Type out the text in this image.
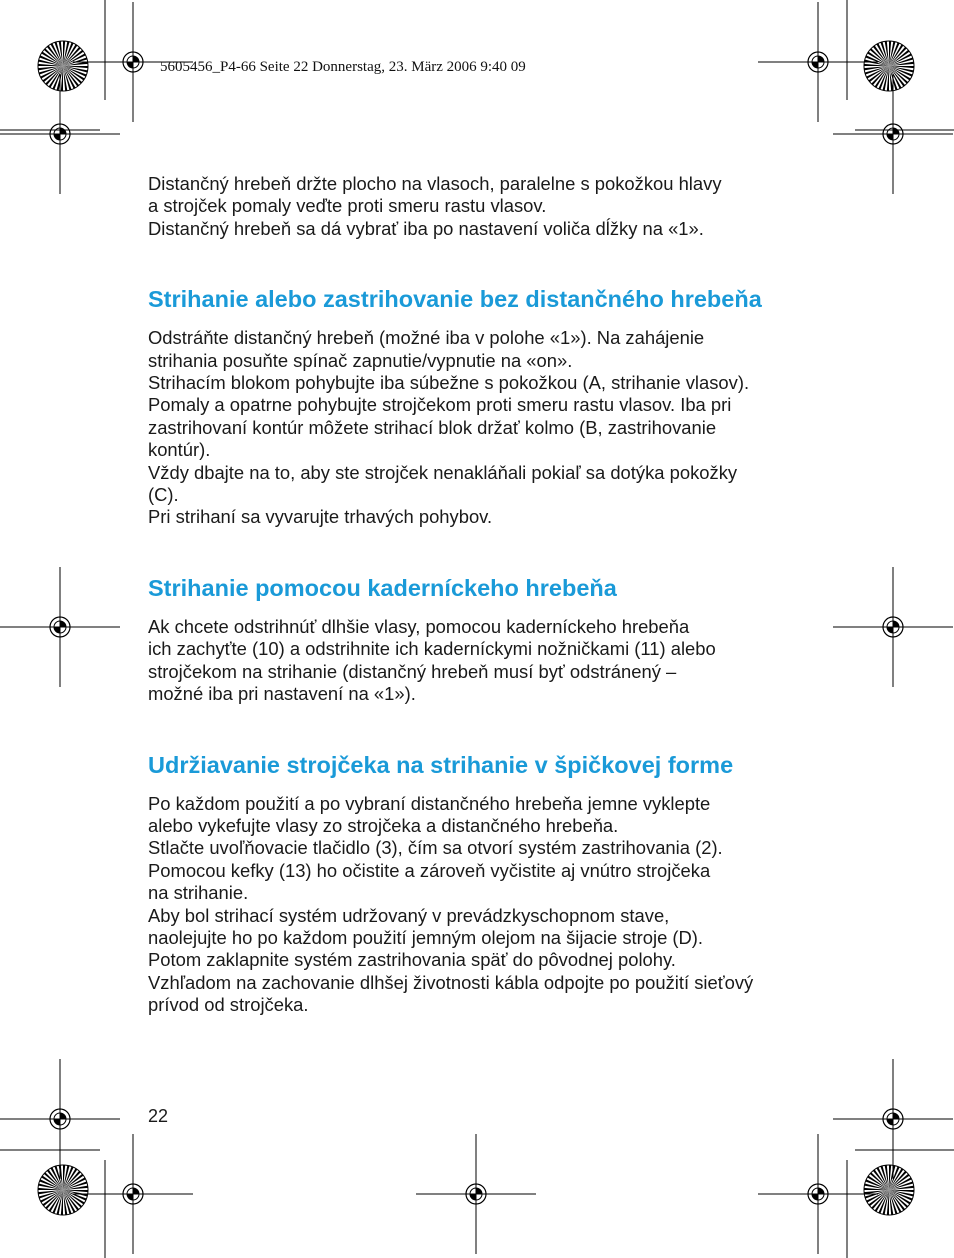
5605456_P4-66 Seite 22 Donnerstag, 23. März 2006 9:40 09

Distančný hrebeň držte plocho na vlasoch, paralelne s pokožkou hlavy

a strojček pomaly veďte proti smeru rastu vlasov.

Distančný hrebeň sa dá vybrať iba po nastavení voliča dĺžky na «1».

Strihanie alebo zastrihovanie bez distančného hrebeňa

Odstráňte distančný hrebeň (možné iba v polohe «1»). Na zahájenie

strihania posuňte spínač zapnutie/vypnutie na «on».

Strihacím blokom pohybujte iba súbežne s pokožkou (A, strihanie vlasov).

Pomaly a opatrne pohybujte strojčekom proti smeru rastu vlasov. Iba pri

zastrihovaní kontúr môžete strihací blok držať kolmo (B, zastrihovanie

kontúr).

Vždy dbajte na to, aby ste strojček nenakláňali pokiaľ sa dotýka pokožky

(C).

Pri strihaní sa vyvarujte trhavých pohybov.

Strihanie pomocou kaderníckeho hrebeňa

Ak chcete odstrihnúť dlhšie vlasy, pomocou kaderníckeho hrebeňa

ich zachyťte (10) a odstrihnite ich kaderníckymi nožničkami (11) alebo

strojčekom na strihanie (distančný hrebeň musí byť odstránený –

možné iba pri nastavení na «1»).

Udržiavanie strojčeka na strihanie v špičkovej forme

Po každom použití a po vybraní distančného hrebeňa jemne vyklepte

alebo vykefujte vlasy zo strojčeka a distančného hrebeňa.

Stlačte uvoľňovacie tlačidlo (3), čím sa otvorí systém zastrihovania (2).

Pomocou kefky (13) ho očistite a zároveň vyčistite aj vnútro strojčeka

na strihanie.

Aby bol strihací systém udržovaný v prevádzkyschopnom stave,

naolejujte ho po každom použití jemným olejom na šijacie stroje (D).

Potom zaklapnite systém zastrihovania späť do pôvodnej polohy.

Vzhľadom na zachovanie dlhšej životnosti kábla odpojte po použití sieťový

prívod od strojčeka.

22
